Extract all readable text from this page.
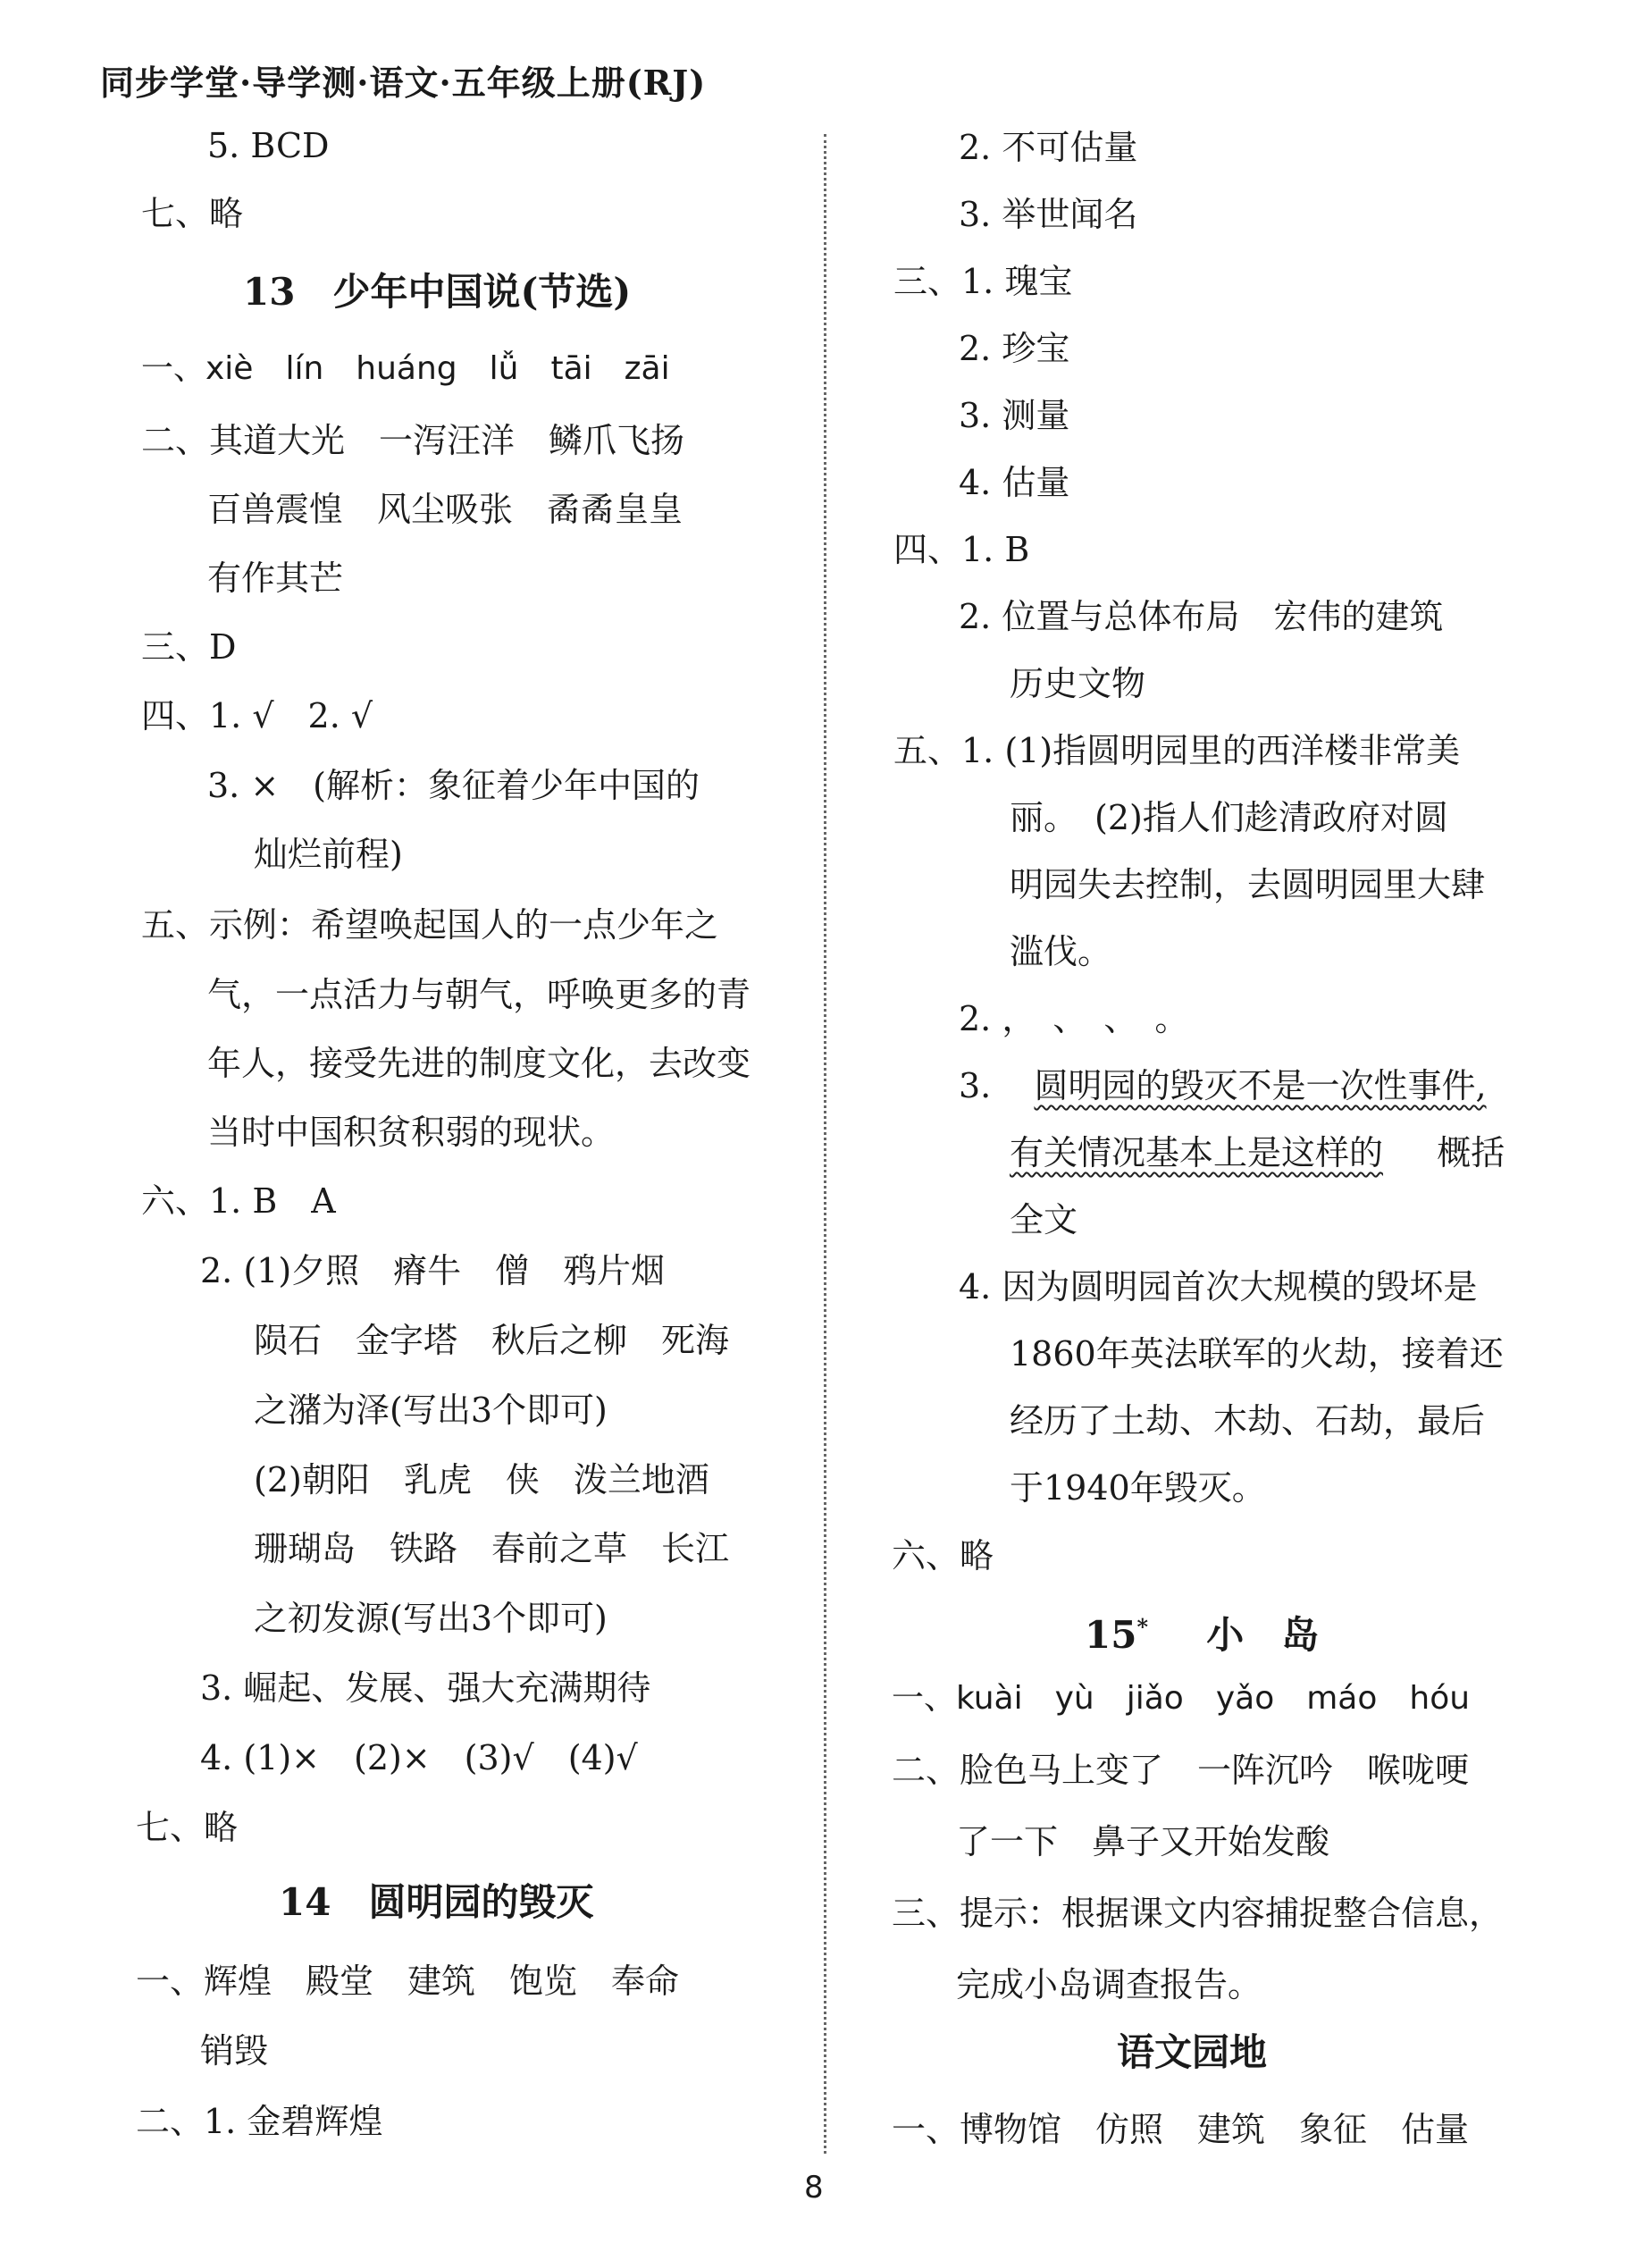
同步学堂·导学测·语文·五年级上册(RJ)
5. BCD
七、略
13　少年中国说(节选)
一、xiè　lín　huáng　lǚ　tāi　zāi
二、其道大光　一泻汪洋　鳞爪飞扬
百兽震惶　风尘吸张　矞矞皇皇
有作其芒
三、D
四、1. √　2. √
3. ×　(解析：象征着少年中国的
灿烂前程)
五、示例：希望唤起国人的一点少年之
气，一点活力与朝气，呼唤更多的青
年人，接受先进的制度文化，去改变
当时中国积贫积弱的现状。
六、1. B　A
2. (1)夕照　瘠牛　僧　鸦片烟
陨石　金字塔　秋后之柳　死海
之潴为泽(写出3个即可)
(2)朝阳　乳虎　侠　泼兰地酒
珊瑚岛　铁路　春前之草　长江
之初发源(写出3个即可)
3. 崛起、发展、强大充满期待
4. (1)×　(2)×　(3)√　(4)√
七、略
14　圆明园的毁灭
一、辉煌　殿堂　建筑　饱览　奉命
销毁
二、1. 金碧辉煌
2. 不可估量
3. 举世闻名
三、1. 瑰宝
2. 珍宝
3. 测量
4. 估量
四、1. B
2. 位置与总体布局　宏伟的建筑
历史文物
五、1. (1)指圆明园里的西洋楼非常美
丽。　(2)指人们趁清政府对圆
明园失去控制，去圆明园里大肆
滥伐。
2. ，　、　、　。
3. 圆明园的毁灭不是一次性事件,
有关情况基本上是这样的 概括
全文
4. 因为圆明园首次大规模的毁坏是
1860年英法联军的火劫，接着还
经历了土劫、木劫、石劫，最后
于1940年毁灭。
六、略
15* 小　岛
一、kuài　yù　jiǎo　yǎo　máo　hóu
二、脸色马上变了　一阵沉吟　喉咙哽
了一下　鼻子又开始发酸
三、提示：根据课文内容捕捉整合信息，
完成小岛调查报告。
语文园地
一、博物馆　仿照　建筑　象征　估量
8
